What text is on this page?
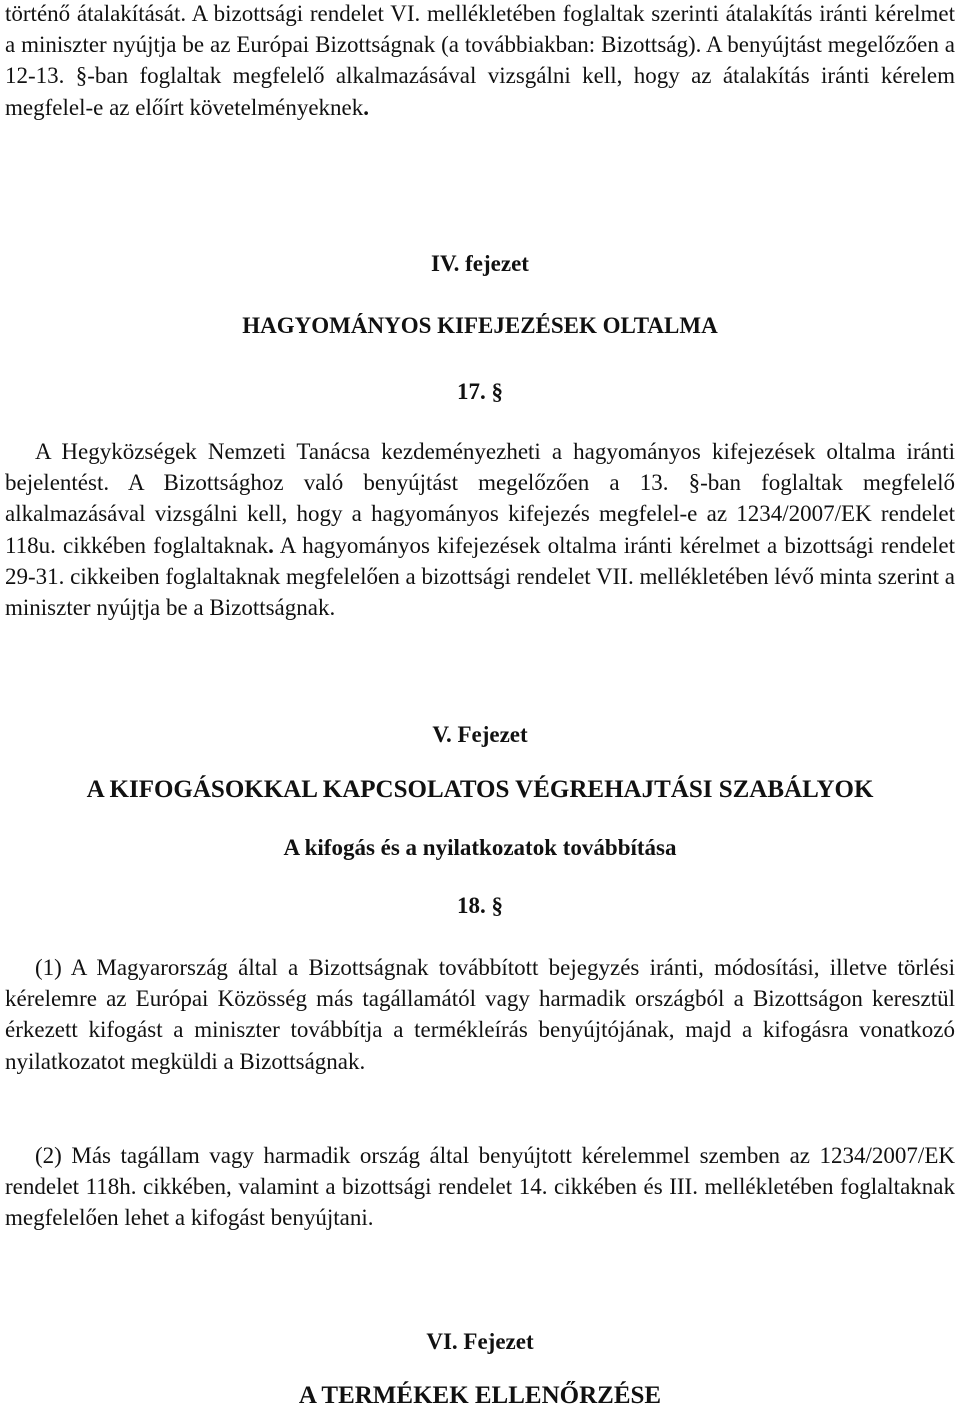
történő átalakítását. A bizottsági rendelet VI. mellékletében foglaltak szerinti átalakítás iránti kérelmet a miniszter nyújtja be az Európai Bizottságnak (a továbbiakban: Bizottság). A benyújtást megelőzően a 12-13. §-ban foglaltak megfelelő alkalmazásával vizsgálni kell, hogy az átalakítás iránti kérelem megfelel-e az előírt követelményeknek.

IV. fejezet
HAGYOMÁNYOS KIFEJEZÉSEK OLTALMA
17. §

A Hegyközségek Nemzeti Tanácsa kezdeményezheti a hagyományos kifejezések oltalma iránti bejelentést. A Bizottsághoz való benyújtást megelőzően a 13. §-ban foglaltak megfelelő alkalmazásával vizsgálni kell, hogy a hagyományos kifejezés megfelel-e az 1234/2007/EK rendelet 118u. cikkében foglaltaknak. A hagyományos kifejezések oltalma iránti kérelmet a bizottsági rendelet 29-31. cikkeiben foglaltaknak megfelelően a bizottsági rendelet VII. mellékletében lévő minta szerint a miniszter nyújtja be a Bizottságnak.

V. Fejezet
A KIFOGÁSOKKAL KAPCSOLATOS VÉGREHAJTÁSI SZABÁLYOK
A kifogás és a nyilatkozatok továbbítása
18. §

(1) A Magyarország által a Bizottságnak továbbított bejegyzés iránti, módosítási, illetve törlési kérelemre az Európai Közösség más tagállamától vagy harmadik országból a Bizottságon keresztül érkezett kifogást a miniszter továbbítja a termékleírás benyújtójának, majd a kifogásra vonatkozó nyilatkozatot megküldi a Bizottságnak.

(2) Más tagállam vagy harmadik ország által benyújtott kérelemmel szemben az 1234/2007/EK rendelet 118h. cikkében, valamint a bizottsági rendelet 14. cikkében és III. mellékletében foglaltaknak megfelelően lehet a kifogást benyújtani.

VI. Fejezet
A TERMÉKEK ELLENŐRZÉSE
